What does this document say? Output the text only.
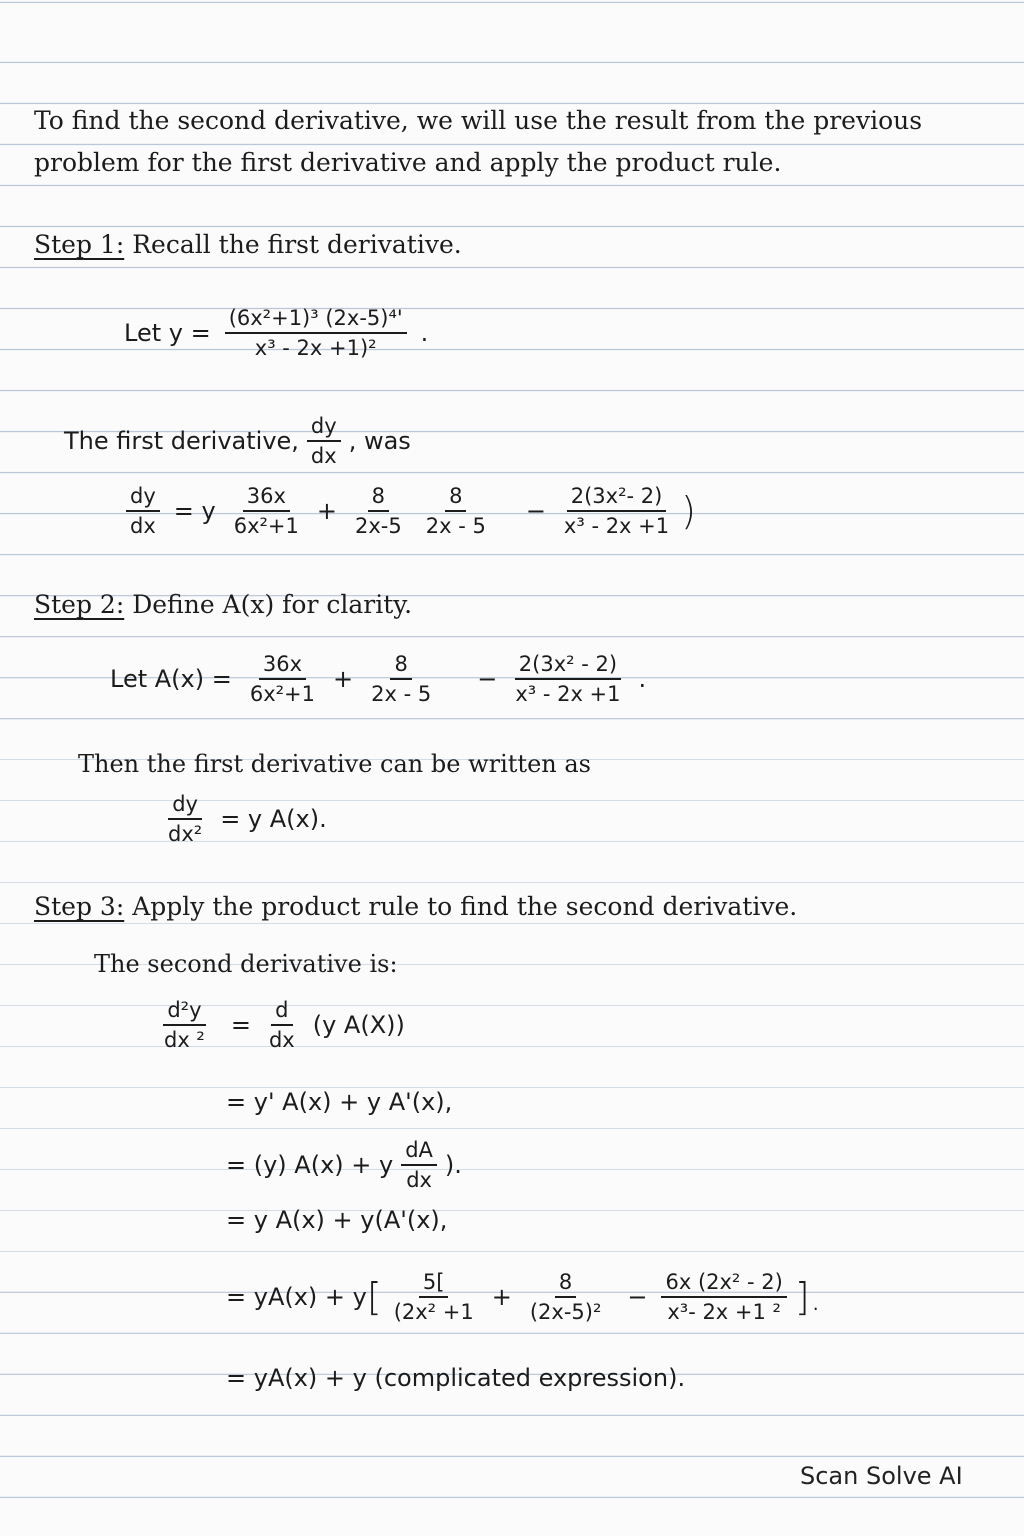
To find the second derivative, we will use the result from the previous
problem for the first derivative and apply the product rule.
Step 1: Recall the first derivative.
Let $y = \frac{\text{(6x²+1)³ (2x-5)⁴'}}{\text{x³ - 2x +1)²}}$ .
The first derivative, $\frac{dy}{dx}$ , was
$\frac{dy}{dx} = y \frac{36x}{\text{6x²+1}} + \frac{8}{2x-5} \frac{8}{2x - 5} - \frac{\text{2(3x²- 2)}}{\text{x³ - 2x +1}}$ )
Step 2: Define A(x) for clarity.
Let $A(x) = \frac{36x}{\text{6x²+1}} + \frac{8}{2x - 5} - \frac{\text{2(3x² - 2)}}{\text{x³ - 2x +1}}$ .
Then the first derivative can be written as
$\frac{dy}{\text{dx²}} = y$ A(x).
Step 3: Apply the product rule to find the second derivative.
The second derivative is:
$\frac{\text{d²y}}{\text{dx ²}} = \frac{d}{dx} (y$ A(X))
= y' A(x) + y A'(x),
= (y) A(x) + y $\frac{dA}{dx}$ ).
= y A(x) + y(A'(x),
= yA(x) + y [ $\frac{5[}{\text{(2x² +1}} + \frac{8}{\text{(2x-5)²}} - \frac{\text{6x (2x² - 2)}}{\text{x³- 2x +1 ²}}$ ].
= yA(x) + y (complicated expression).
Scan Solve AI
